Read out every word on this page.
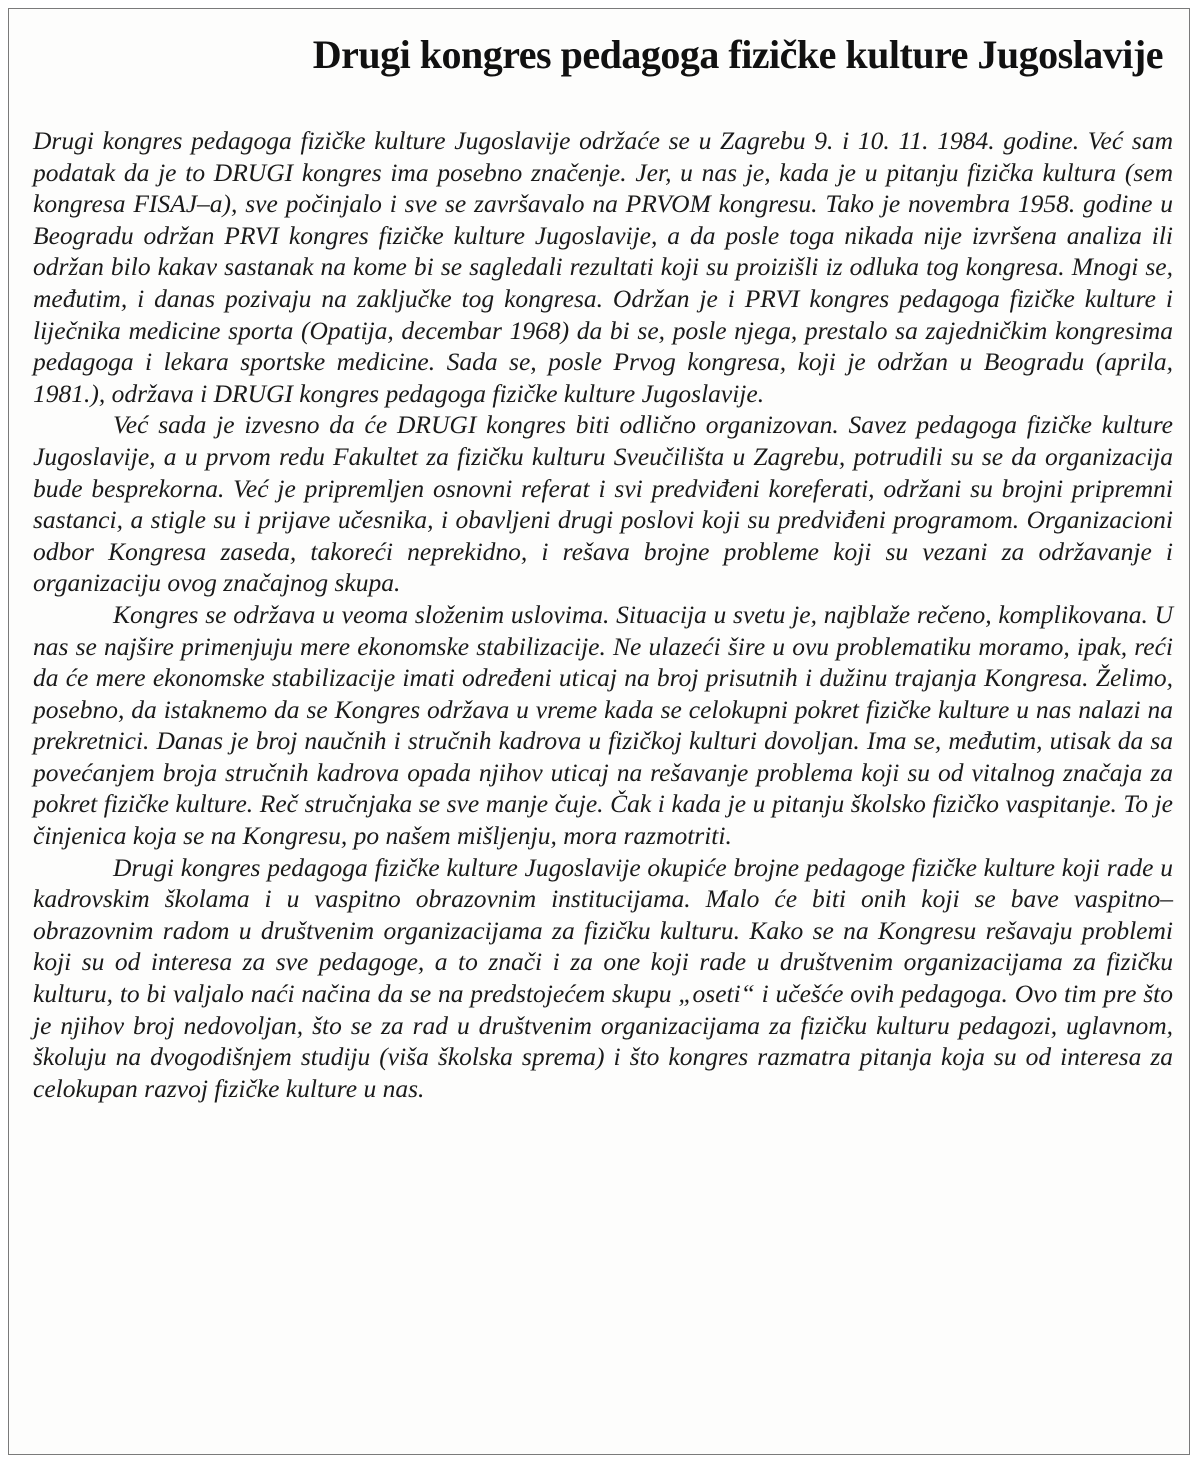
Drugi kongres pedagoga fizičke kulture Jugoslavije

Drugi kongres pedagoga fizičke kulture Jugoslavije održaće se u Zagrebu 9. i 10. 11. 1984. godine. Već sam podatak da je to DRUGI kongres ima posebno značenje. Jer, u nas je, kada je u pitanju fizička kultura (sem kongresa FISAJ–a), sve počinjalo i sve se završavalo na PRVOM kongresu. Tako je novembra 1958. godine u Beogradu održan PRVI kongres fizičke kulture Jugoslavije, a da posle toga nikada nije izvršena analiza ili održan bilo kakav sastanak na kome bi se sagledali rezultati koji su proizišli iz odluka tog kongresa. Mnogi se, međutim, i danas pozivaju na zaključke tog kongresa. Održan je i PRVI kongres pedagoga fizičke kulture i liječnika medicine sporta (Opatija, decembar 1968) da bi se, posle njega, prestalo sa zajedničkim kongresima pedagoga i lekara sportske medicine. Sada se, posle Prvog kongresa, koji je održan u Beogradu (aprila, 1981.), održava i DRUGI kongres pedagoga fizičke kulture Jugoslavije.

Već sada je izvesno da će DRUGI kongres biti odlično organizovan. Savez pedagoga fizičke kulture Jugoslavije, a u prvom redu Fakultet za fizičku kulturu Sveučilišta u Zagrebu, potrudili su se da organizacija bude besprekorna. Već je pripremljen osnovni referat i svi predviđeni koreferati, održani su brojni pripremni sastanci, a stigle su i prijave učesnika, i obavljeni drugi poslovi koji su predviđeni programom. Organizacioni odbor Kongresa zaseda, takoreći neprekidno, i rešava brojne probleme koji su vezani za održavanje i organizaciju ovog značajnog skupa.

Kongres se održava u veoma složenim uslovima. Situacija u svetu je, najblaže rečeno, komplikovana. U nas se najšire primenjuju mere ekonomske stabilizacije. Ne ulazeći šire u ovu problematiku moramo, ipak, reći da će mere ekonomske stabilizacije imati određeni uticaj na broj prisutnih i dužinu trajanja Kongresa. Želimo, posebno, da istaknemo da se Kongres održava u vreme kada se celokupni pokret fizičke kulture u nas nalazi na prekretnici. Danas je broj naučnih i stručnih kadrova u fizičkoj kulturi dovoljan. Ima se, međutim, utisak da sa povećanjem broja stručnih kadrova opada njihov uticaj na rešavanje problema koji su od vitalnog značaja za pokret fizičke kulture. Reč stručnjaka se sve manje čuje. Čak i kada je u pitanju školsko fizičko vaspitanje. To je činjenica koja se na Kongresu, po našem mišljenju, mora razmotriti.

Drugi kongres pedagoga fizičke kulture Jugoslavije okupiće brojne pedagoge fizičke kulture koji rade u kadrovskim školama i u vaspitno obrazovnim institucijama. Malo će biti onih koji se bave vaspitno–obrazovnim radom u društvenim organizacijama za fizičku kulturu. Kako se na Kongresu rešavaju problemi koji su od interesa za sve pedagoge, a to znači i za one koji rade u društvenim organizacijama za fizičku kulturu, to bi valjalo naći načina da se na predstojećem skupu „oseti“ i učešće ovih pedagoga. Ovo tim pre što je njihov broj nedovoljan, što se za rad u društvenim organizacijama za fizičku kulturu pedagozi, uglavnom, školuju na dvogodišnjem studiju (viša školska sprema) i što kongres razmatra pitanja koja su od interesa za celokupan razvoj fizičke kulture u nas.
